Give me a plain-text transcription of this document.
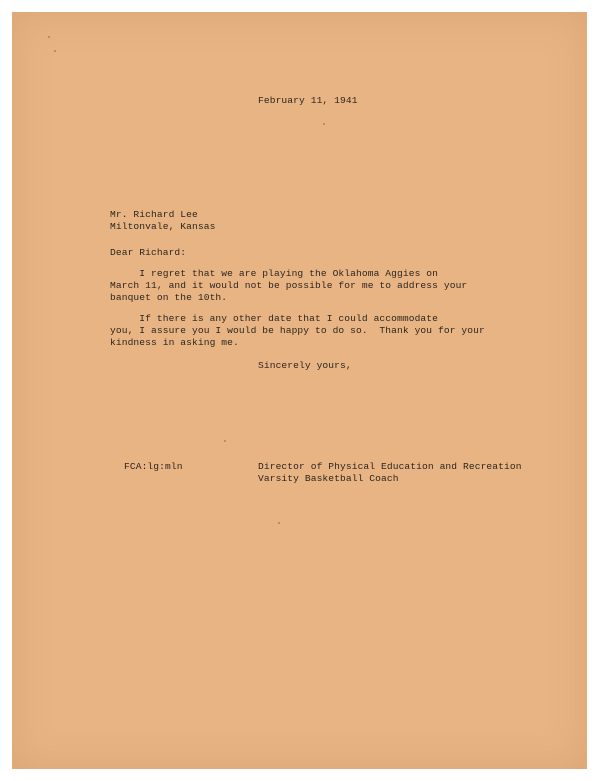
February 11, 1941
Mr. Richard Lee
Miltonvale, Kansas
Dear Richard:
I regret that we are playing the Oklahoma Aggies on
March 11, and it would not be possible for me to address your
banquet on the 10th.
If there is any other date that I could accommodate
you, I assure you I would be happy to do so.  Thank you for your
kindness in asking me.
Sincerely yours,
FCA:lg:mln	Director of Physical Education and Recreation
Varsity Basketball Coach
